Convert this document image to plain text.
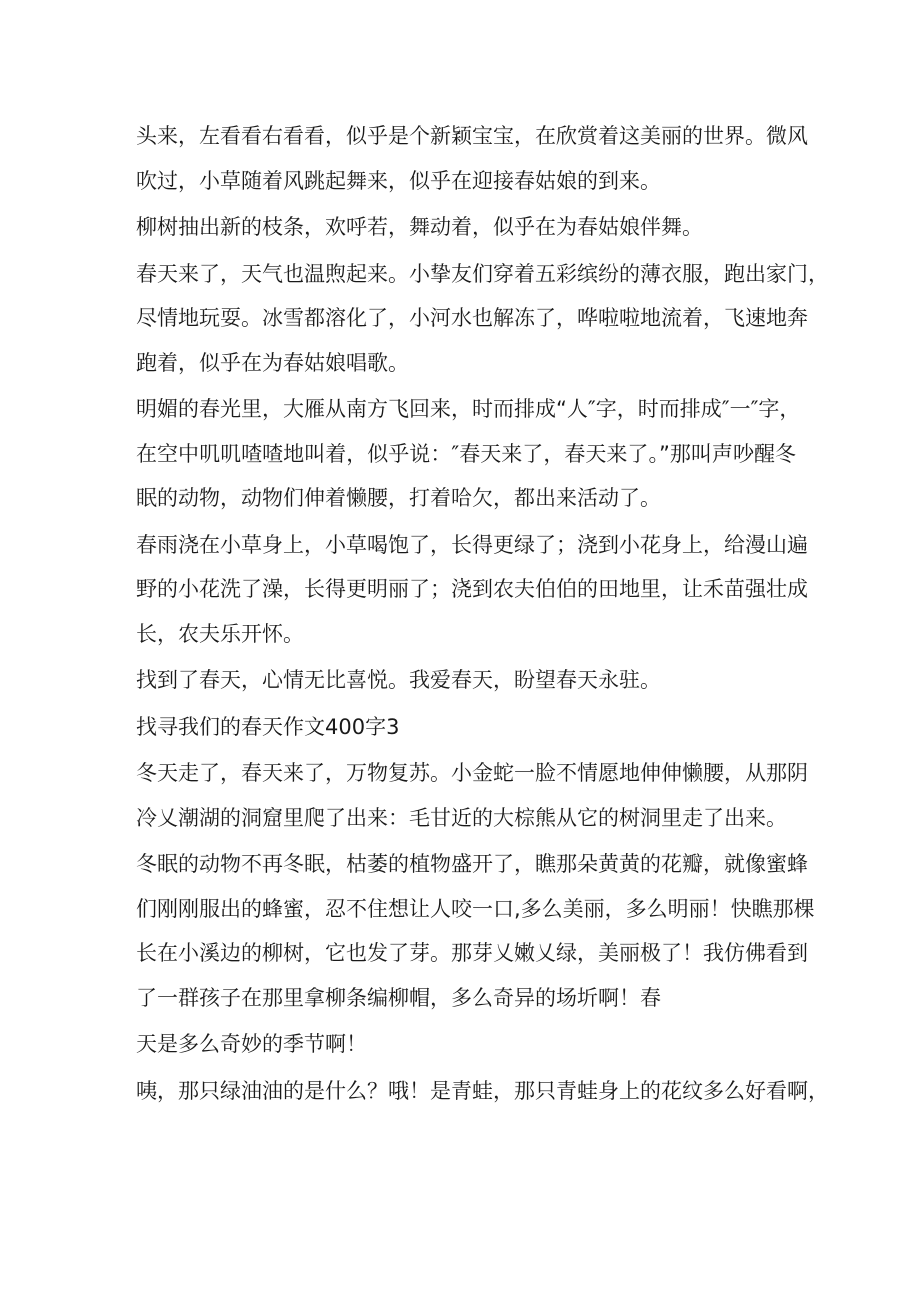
头来，左看看右看看，似乎是个新颖宝宝，在欣赏着这美丽的世界。微风

吹过，小草随着风跳起舞来，似乎在迎接春姑娘的到来。

柳树抽出新的枝条，欢呼若，舞动着，似乎在为春姑娘伴舞。

春天来了，天气也温煦起来。小挚友们穿着五彩缤纷的薄衣服，跑出家门，

尽情地玩耍。冰雪都溶化了，小河水也解冻了，哗啦啦地流着，飞速地奔

跑着，似乎在为春姑娘唱歌。

明媚的春光里，大雁从南方飞回来，时而排成“人″字，时而排成″一″字，

在空中叽叽喳喳地叫着，似乎说：″春天来了，春天来了。”那叫声吵醒冬

眠的动物，动物们伸着懒腰，打着哈欠，都出来活动了。

春雨浇在小草身上，小草喝饱了，长得更绿了；浇到小花身上，给漫山遍

野的小花洗了澡，长得更明丽了；浇到农夫伯伯的田地里，让禾苗强壮成

长，农夫乐开怀。

找到了春天，心情无比喜悦。我爱春天，盼望春天永驻。

找寻我们的春天作文400字3

冬天走了，春天来了，万物复苏。小金蛇一脸不情愿地伸伸懒腰，从那阴

冷乂潮湖的洞窟里爬了出来：毛甘近的大棕熊从它的树洞里走了出来。

冬眠的动物不再冬眠，枯萎的植物盛开了，瞧那朵黄黄的花瓣，就像蜜蜂

们刚刚服出的蜂蜜，忍不住想让人咬一口,多么美丽，多么明丽！快瞧那棵

长在小溪边的柳树，它也发了芽。那芽乂嫩乂绿，美丽极了！我仿佛看到

了一群孩子在那里拿柳条编柳帽，多么奇异的场圻啊！春

天是多么奇妙的季节啊！

咦，那只绿油油的是什么？哦！是青蛙，那只青蛙身上的花纹多么好看啊，
